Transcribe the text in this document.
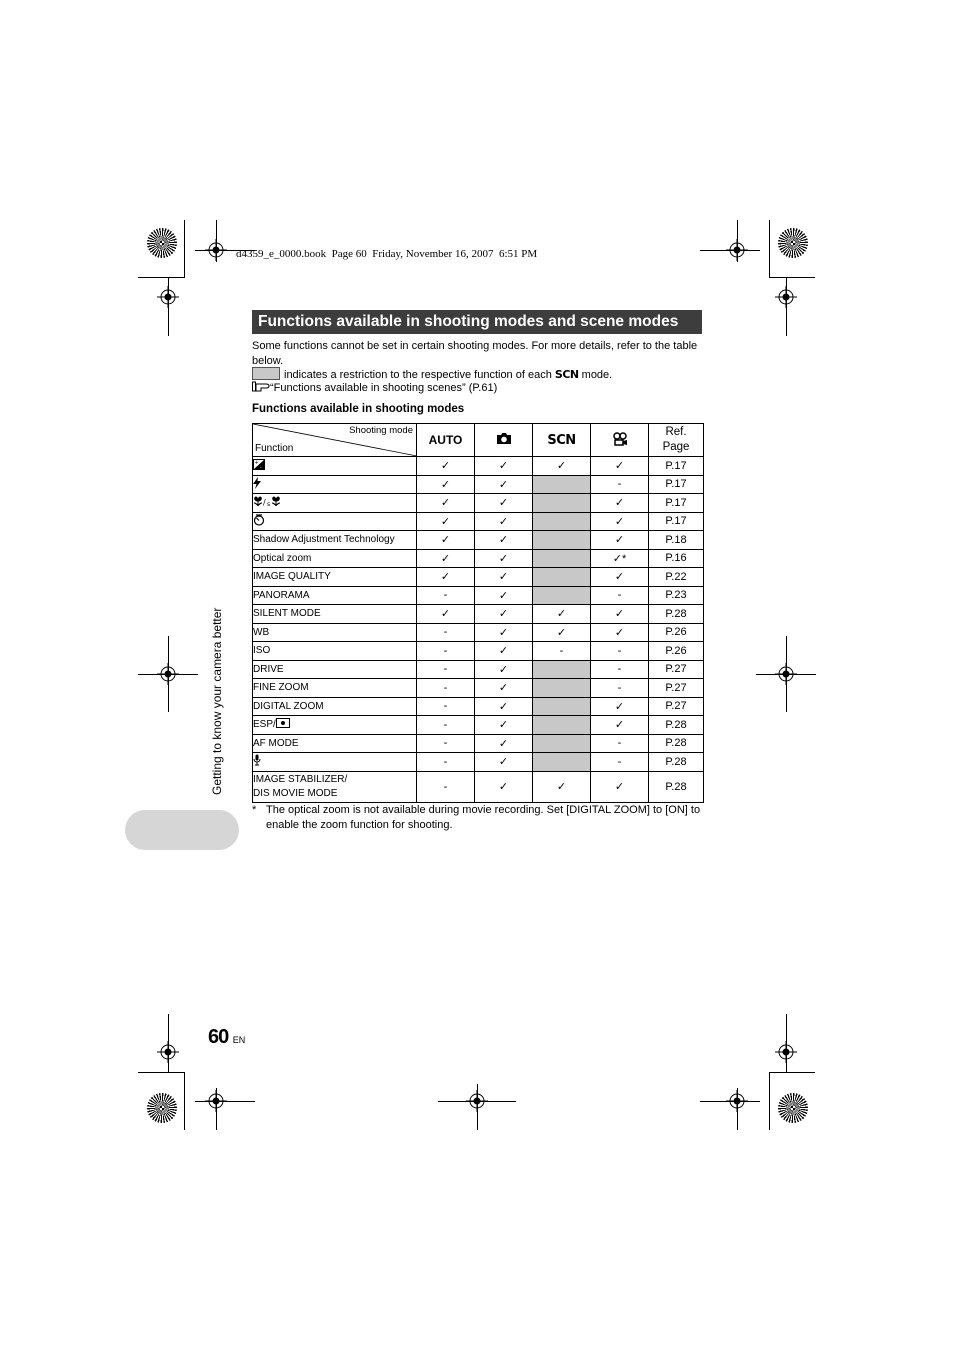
d4359_e_0000.book  Page 60  Friday, November 16, 2007  6:51 PM
Functions available in shooting modes and scene modes
Some functions cannot be set in certain shooting modes. For more details, refer to the table below.
indicates a restriction to the respective function of each SCN mode.
“Functions available in shooting scenes” (P.61)
Functions available in shooting modes
Shooting mode
Function	AUTO		SCN		Ref.
Page

+
-	✓	✓	✓	✓	P.17
	✓	✓		-	P.17

/ s	✓	✓		✓	P.17
	✓	✓		✓	P.17
Shadow Adjustment Technology	✓	✓		✓	P.18
Optical zoom	✓	✓		✓*	P.16
IMAGE QUALITY	✓	✓		✓	P.22
PANORAMA	-	✓		-	P.23
SILENT MODE	✓	✓	✓	✓	P.28
WB	-	✓	✓	✓	P.26
ISO	-	✓	-	-	P.26
DRIVE	-	✓		-	P.27
FINE ZOOM	-	✓		-	P.27
DIGITAL ZOOM	-	✓		✓	P.27
ESP/	-	✓		✓	P.28
AF MODE	-	✓		-	P.28
	-	✓		-	P.28
IMAGE STABILIZER/
DIS MOVIE MODE	-	✓	✓	✓	P.28
* The optical zoom is not available during movie recording. Set [DIGITAL ZOOM] to [ON] to enable the zoom function for shooting.
Getting to know your camera better
60 EN
